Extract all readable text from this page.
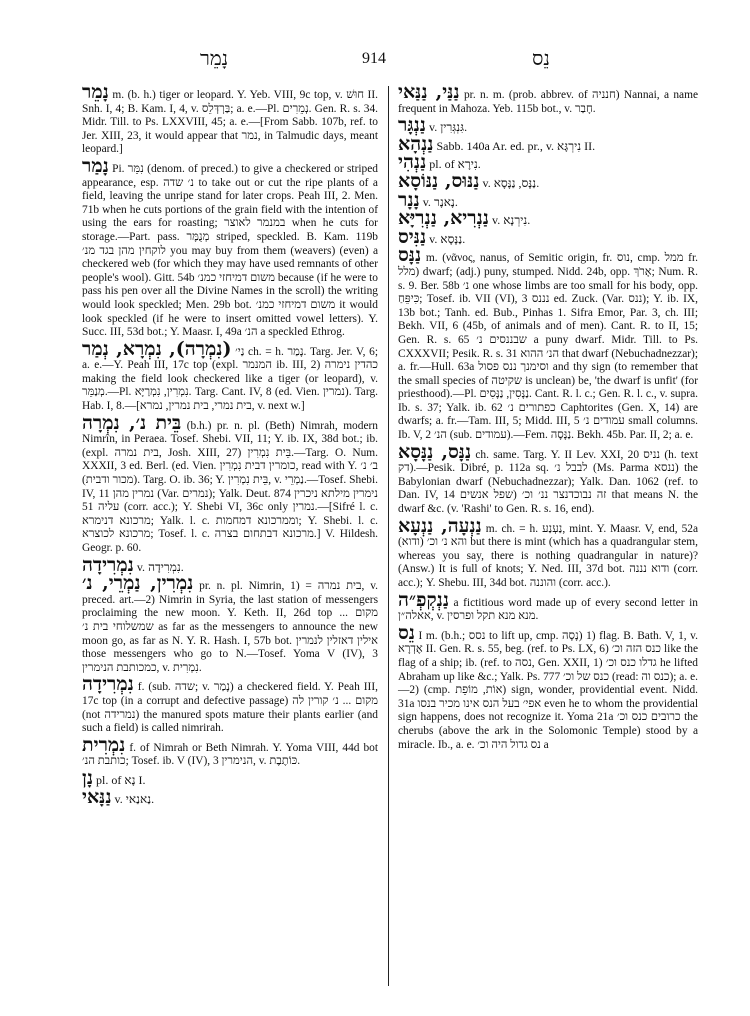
נָמֵר	914	נֵס

נָמֵר m. (b. h.) tiger or leopard. Y. Yeb. VIII, 9c top, v. חוּשׁ II. Snh. I, 4; B. Kam. I, 4, v. בַּרְדְּלֵס; a. e.—Pl. נְמֵרִים. Gen. R. s. 34. Midr. Till. to Ps. LXXVIII, 45; a. e.—[From Sabb. 107b, ref. to Jer. XIII, 23, it would appear that נמר, in Talmudic days, meant leopard.]

נָמַר Pi. נִמֵּר (denom. of preced.) to give a checkered or striped appearance, esp. נ׳ שדה to take out or cut the ripe plants of a field, leaving the unripe stand for later crops. Peah III, 2. Men. 71b when he cuts portions of the grain field with the intention of using the ears for roasting; במנמר לאוצר when he cuts for storage.—Part. pass. מְנֻמָּר striped, speckled. B. Kam. 119b לוקחין מהן בגד מנ׳ you may buy from them (weavers) (even) a checkered web (for which they may have used remnants of other people's wool). Gitt. 54b משום דמיחזי כמנ׳ because (if he were to pass his pen over all the Divine Names in the scroll) the writing would look speckled; Men. 29b bot. משום דמיחזי כמנ׳ it would look speckled (if he were to insert omitted vowel letters). Y. Succ. III, 53d bot.; Y. Maasr. I, 49a הנ׳ a speckled Ethrog.

(נִמְרָה), נִמְרָא, נְמַר נַי׳ ch. = h. נָמַר. Targ. Jer. V, 6; a. e.—Y. Peah III, 17c top (expl. המנמר ib. III, 2) כהדין נימרה making the field look checkered like a tiger (or leopard), v. מְנַמֵּר.—Pl. נִמְרִין, נִמְרַיָּא. Targ. Cant. IV, 8 (ed. Vien. נמרין). Targ. Hab. I, 8.—[בית נמרי, בית נמרין, נמרא, v. next w.]

בֵּית נ׳, נִמְרָה (b.h.) pr. n. pl. (Beth) Nimrah, modern Nimrîn, in Peraea. Tosef. Shebi. VII, 11; Y. ib. IX, 38d bot.; ib. (expl. בית נמרה, Josh. XIII, 27) בֵּית נִמְרִין.—Targ. O. Num. XXXII, 3 ed. Berl. (ed. Vien. כומרין דבית נִמְרִין, read with Y. ב׳ נ׳ (מכור ודבית). Targ. O. ib. 36; Y. בֵּית נִמְרִין, v. נַמְרֵי.—Tosef. Shebi. IV, 11 נמרין מהן (Var. נמרים); Yalk. Deut. 874 נימרין מילתא ניכרין עליה 51 (corr. acc.); Y. Shebi VI, 36c only נמרין.—[Sifré l. c. מרכונא דנימרא; Yalk. l. c. וממרכונא דמחמות; Y. Shebi. l. c. מרכונא לכוצרא; Tosef. l. c. מרכונא דבתחום בצרה.] V. Hildesh. Geogr. p. 60.

נִמְרִידָה v. נִמְרִידָה.

נִמְרִין, נַמְרֵי, נ׳ pr. n. pl. Nimrin, 1) = בית נמרה, v. preced. art.—2) Nimrin in Syria, the last station of messengers proclaiming the new moon. Y. Keth. II, 26d top ... מקום שמשלוחי בית נ׳ as far as the messengers to announce the new moon go, as far as N. Y. R. Hash. I, 57b bot. אילין דאזלין לנמרין those messengers who go to N.—Tosef. Yoma V (IV), 3 כמכותבת הנימרין, v. נִמְרִית.

נִמְרִידָה f. (sub. שדה; v. נָמַר) a checkered field. Y. Peah III, 17c top (in a corrupt and defective passage) מקום ... נ׳ קורין לה (not נמרידה) the manured spots mature their plants earlier (and such a field) is called nimrirah.

נִמְרִית f. of Nimrah or Beth Nimrah. Y. Yoma VIII, 44d bot כותבת הנ׳; Tosef. ib. V (IV), 3 הנימרין, v. כּוֹתֶבֶת.

נָן pl. of נָא I.

נַנָּאי v. נַאנַאי.

נַנַּי, נַנַּאי pr. n. m. (prob. abbrev. of חנניה) Nannai, a name frequent in Mahoza. Yeb. 115b bot., v. חָבַר.

נַנְגָּר v. גִּנְגְּרִין.

נַנְהָא Sabb. 140a Ar. ed. pr., v. נִירְגָּא II.

נַנְהִי pl. of נִירָא.

נַנּוּס, נַנּוֹסָא v. נַנָּס, נַנָּסָא.

נָנָר v. נָאנָר.

נַנְרִיא, נַנְרִיָּא v. נִירְנָא.

נַנִּיס v. נַנָּסָא.

נַנָּס m. (νᾶνος, nanus, of Semitic origin, fr. נוס, cmp. ממל fr. מלל) dwarf; (adj.) puny, stumped. Nidd. 24b, opp. אָרֹךְ; Num. R. s. 9. Ber. 58b נ׳ one whose limbs are too small for his body, opp. כִּיפֵּחַ; Tosef. ib. VII (VI), 3 נננס ed. Zuck. (Var. ננס); Y. ib. IX, 13b bot.; Tanh. ed. Bub., Pinhas 1. Sifra Emor, Par. 3, ch. III; Bekh. VII, 6 (45b, of animals and of men). Cant. R. to II, 15; Gen. R. s. 65 שבננסים נ׳ a puny dwarf. Midr. Till. to Ps. CXXXVII; Pesik. R. s. 31 הנ׳ ההוא that dwarf (Nebuchadnezzar); a. fr.—Hull. 63a וסימנך ננס פסול and thy sign (to remember that the small species of שקיטה is unclean) be, 'the dwarf is unfit' (for priesthood).—Pl. נַנָּסִין, נַנָּסִים. Cant. R. l. c.; Gen. R. l. c., v. supra. Ib. s. 37; Yalk. ib. 62 כפתורים נ׳ Caphtorites (Gen. X, 14) are dwarfs; a. fr.—Tam. III, 5; Midd. III, 5 עמודים נ׳ small columns. Ib. V, 2 הנ׳ (sub. עמודים).—Fem. נַנָּסָה. Bekh. 45b. Par. II, 2; a. e.

נַנָּס, נַנָּסָא ch. same. Targ. Y. II Lev. XXI, 20 נניס (h. text דק).—Pesik. Dibré, p. 112a sq. לבבל נ׳ (Ms. Parma ננסא) the Babylonian dwarf (Nebuchadnezzar); Yalk. Dan. 1062 (ref. to Dan. IV, 14 שפל אנשים) זה נבוכדנצר ננ׳ וכ׳ that means N. the dwarf &c. (v. 'Rashi' to Gen. R. s. 16, end).

נַנְעָה, נַנְעָא m. ch. = h. נַעְנַע, mint. Y. Maasr. V, end, 52a והא נ׳ וכ׳ (ודוא) but there is mint (which has a quadrangular stem, whereas you say, there is nothing quadrangular in nature)? (Answ.) It is full of knots; Y. Ned. III, 37d bot. ודוא נננה (corr. acc.); Y. Shebu. III, 34d bot. והוננה (corr. acc.).

נַנְקְפְ״ה a fictitious word made up of every second letter in אאלה״ן, v. מנא מנא תקל ופרסין.

נֵס I m. (b.h.; נסס to lift up, cmp. נָסָה) 1) flag. B. Bath. V, 1, v. אֶדְרָא II. Gen. R. s. 55, beg. (ref. to Ps. LX, 6) כנס הזה וכ׳ like the flag of a ship; ib. (ref. to נסה, Gen. XXII, 1) גדלו כנס וכ׳ he lifted Abraham up like &c.; Yalk. Ps. 777 כנס של וכ׳ (read: כנס וה); a. e.—2) (cmp. אוֹת, מוֹפֵת) sign, wonder, providential event. Nidd. 31a אפי׳ בעל הנס אינו מכיר בנסו even he to whom the providential sign happens, does not recognize it. Yoma 21a כרובים כנס וכ׳ the cherubs (above the ark in the Solomonic Temple) stood by a miracle. Ib., a. e. נס גדול היה וכ׳ a
